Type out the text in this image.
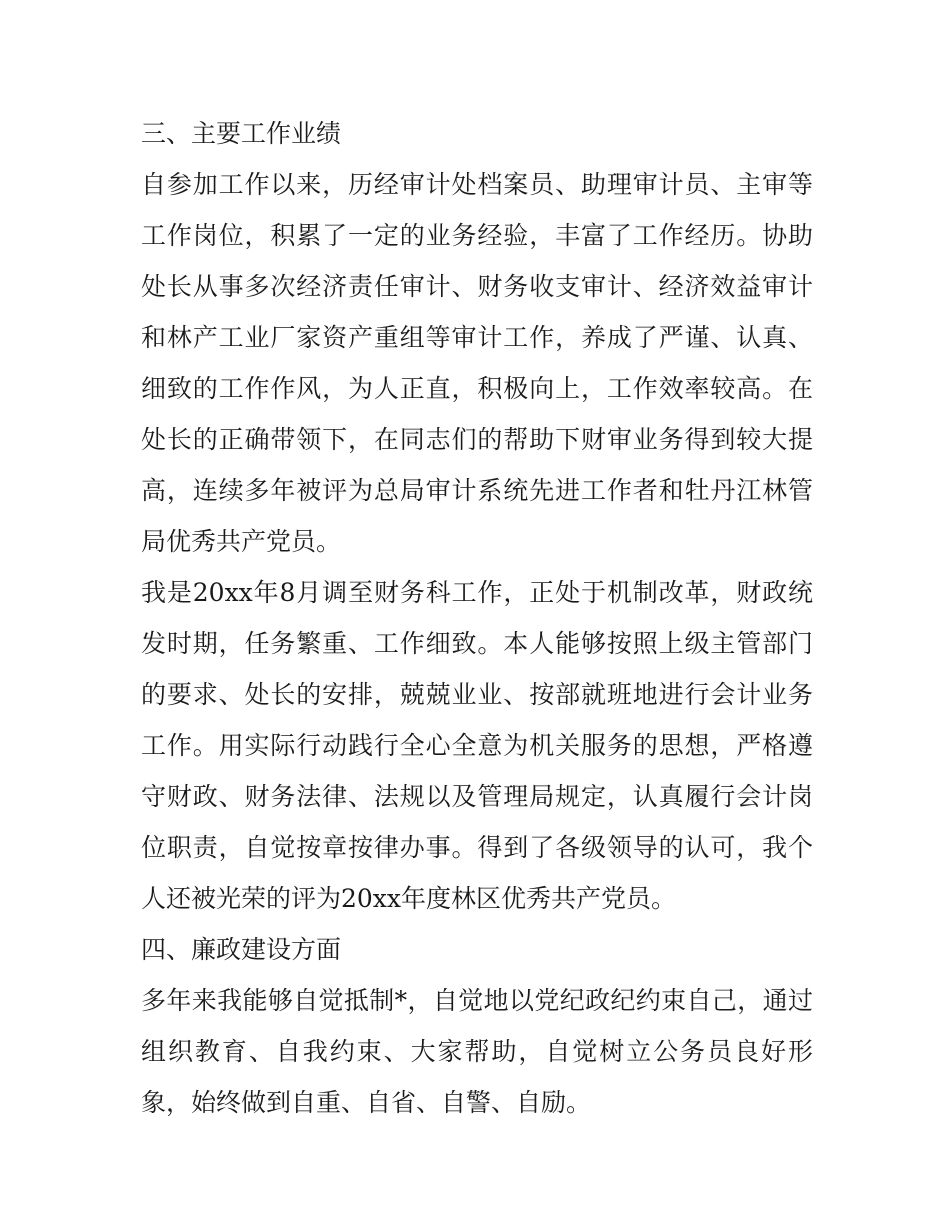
三、主要工作业绩

自参加工作以来，历经审计处档案员、助理审计员、主审等工作岗位，积累了一定的业务经验，丰富了工作经历。协助处长从事多次经济责任审计、财务收支审计、经济效益审计和林产工业厂家资产重组等审计工作，养成了严谨、认真、细致的工作作风，为人正直，积极向上，工作效率较高。在处长的正确带领下，在同志们的帮助下财审业务得到较大提高，连续多年被评为总局审计系统先进工作者和牡丹江林管局优秀共产党员。

我是20xx年8月调至财务科工作，正处于机制改革，财政统发时期，任务繁重、工作细致。本人能够按照上级主管部门的要求、处长的安排，兢兢业业、按部就班地进行会计业务工作。用实际行动践行全心全意为机关服务的思想，严格遵守财政、财务法律、法规以及管理局规定，认真履行会计岗位职责，自觉按章按律办事。得到了各级领导的认可，我个人还被光荣的评为20xx年度林区优秀共产党员。

四、廉政建设方面

多年来我能够自觉抵制*，自觉地以党纪政纪约束自己，通过组织教育、自我约束、大家帮助，自觉树立公务员良好形象，始终做到自重、自省、自警、自励。
